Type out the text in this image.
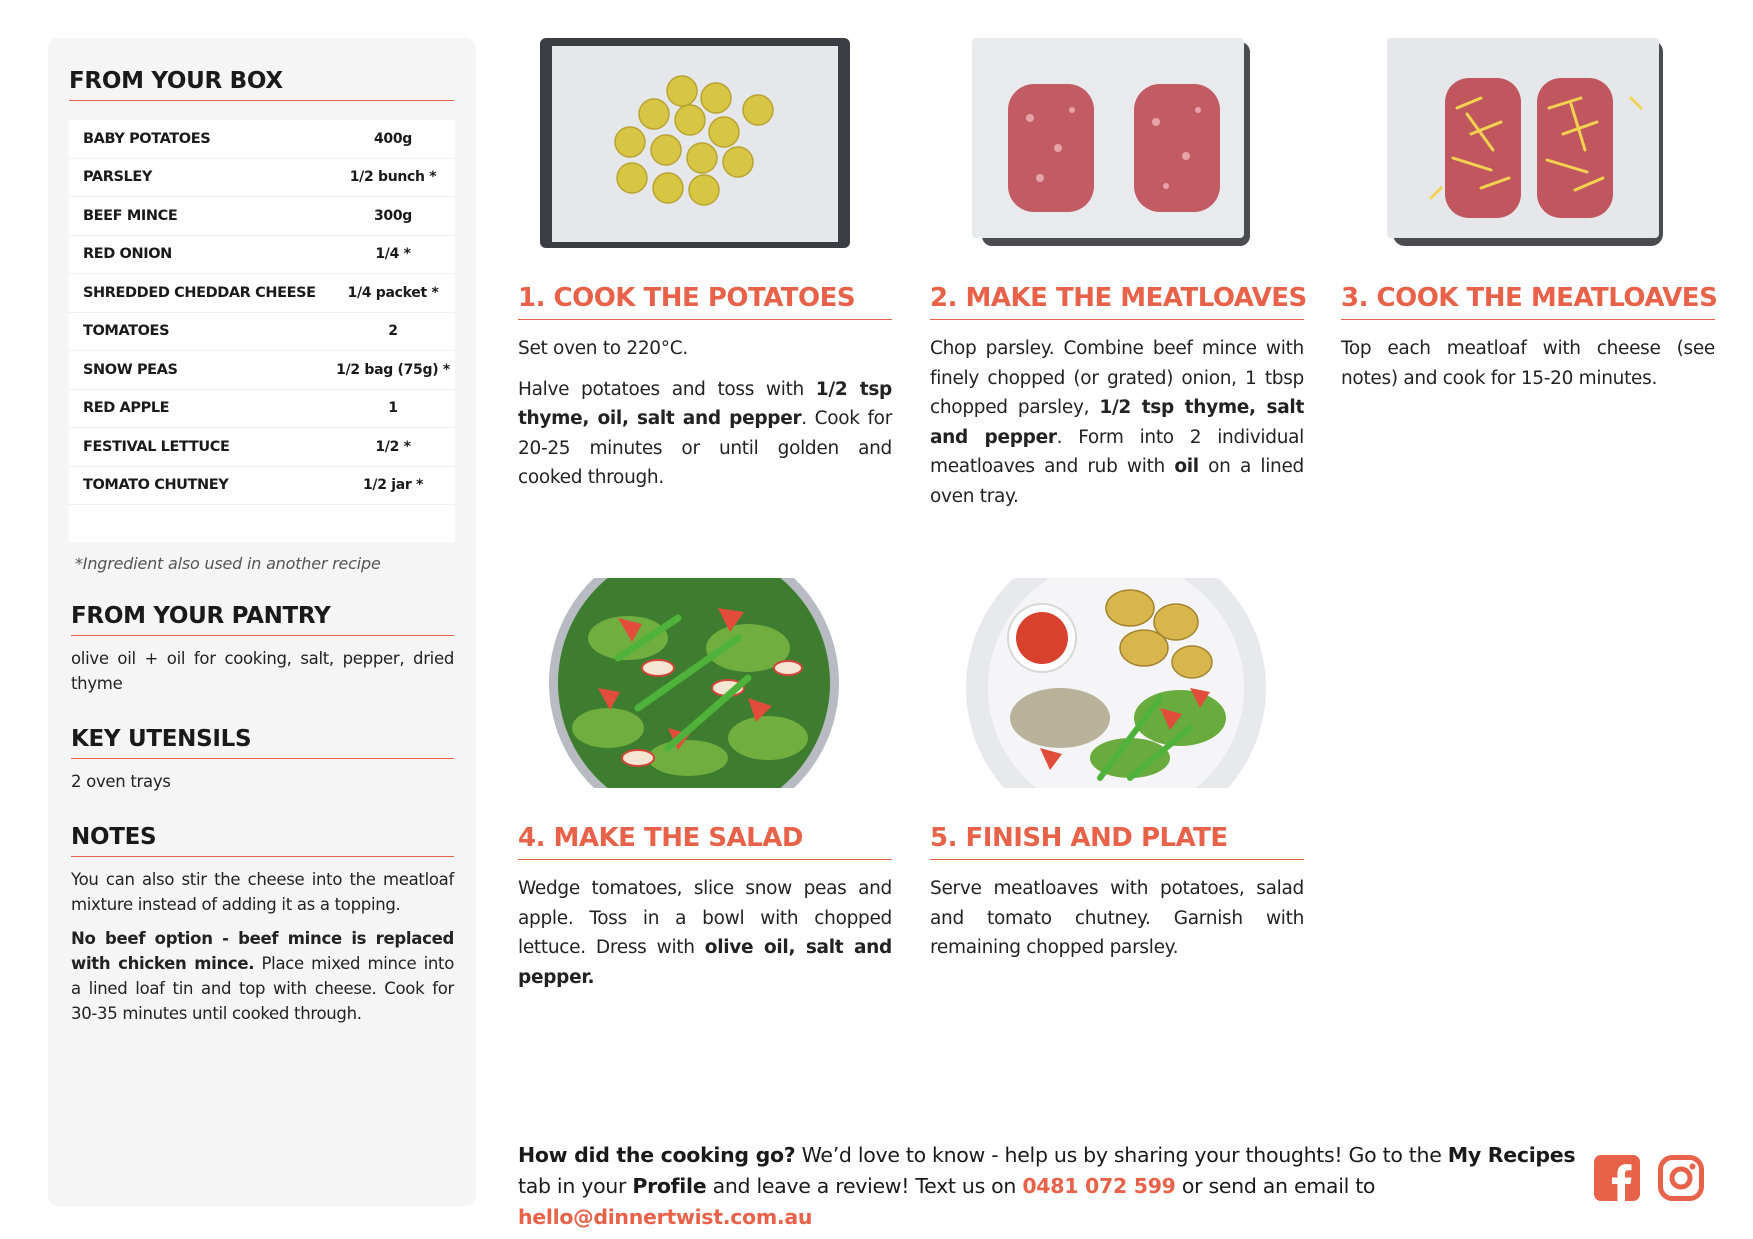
FROM YOUR BOX
BABY POTATOES	400g
PARSLEY	1/2 bunch *
BEEF MINCE	300g
RED ONION	1/4 *
SHREDDED CHEDDAR CHEESE	1/4 packet *
TOMATOES	2
SNOW PEAS	1/2 bag (75g) *
RED APPLE	1
FESTIVAL LETTUCE	1/2 *
TOMATO CHUTNEY	1/2 jar *
*Ingredient also used in another recipe
FROM YOUR PANTRY

olive oil + oil for cooking, salt, pepper, dried thyme

KEY UTENSILS

2 oven trays

NOTES

You can also stir the cheese into the meatloaf mixture instead of adding it as a topping.

No beef option - beef mince is replaced with chicken mince. Place mixed mince into a lined loaf tin and top with cheese. Cook for 30-35 minutes until cooked through.

1. COOK THE POTATOES

Set oven to 220°C.

Halve potatoes and toss with 1/2 tsp thyme, oil, salt and pepper. Cook for 20-25 minutes or until golden and cooked through.

2. MAKE THE MEATLOAVES

Chop parsley. Combine beef mince with finely chopped (or grated) onion, 1 tbsp chopped parsley, 1/2 tsp thyme, salt and pepper. Form into 2 individual meatloaves and rub with oil on a lined oven tray.

3. COOK THE MEATLOAVES

Top each meatloaf with cheese (see notes) and cook for 15-20 minutes.

4. MAKE THE SALAD

Wedge tomatoes, slice snow peas and apple. Toss in a bowl with chopped lettuce. Dress with olive oil, salt and pepper.

5. FINISH AND PLATE

Serve meatloaves with potatoes, salad and tomato chutney. Garnish with remaining chopped parsley.

How did the cooking go? We’d love to know - help us by sharing your thoughts! Go to the My Recipes tab in your Profile and leave a review! Text us on 0481 072 599 or send an email to hello@dinnertwist.com.au
